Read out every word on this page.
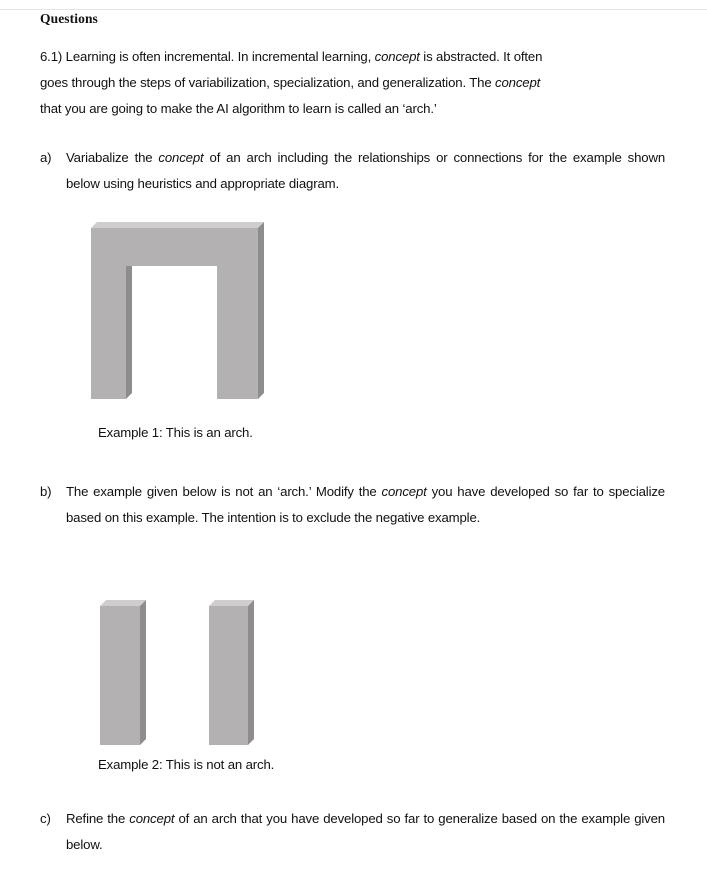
Questions

6.1) Learning is often incremental. In incremental learning, concept is abstracted. It often

goes through the steps of variabilization, specialization, and generalization. The concept

that you are going to make the AI algorithm to learn is called an ‘arch.’

a) Variabalize the concept of an arch including the relationships or connections for the example shown below using heuristics and appropriate diagram.
Example 1: This is an arch.
b) The example given below is not an ‘arch.’ Modify the concept you have developed so far to specialize based on this example. The intention is to exclude the negative example.
Example 2: This is not an arch.
c) Refine the concept of an arch that you have developed so far to generalize based on the example given below.
